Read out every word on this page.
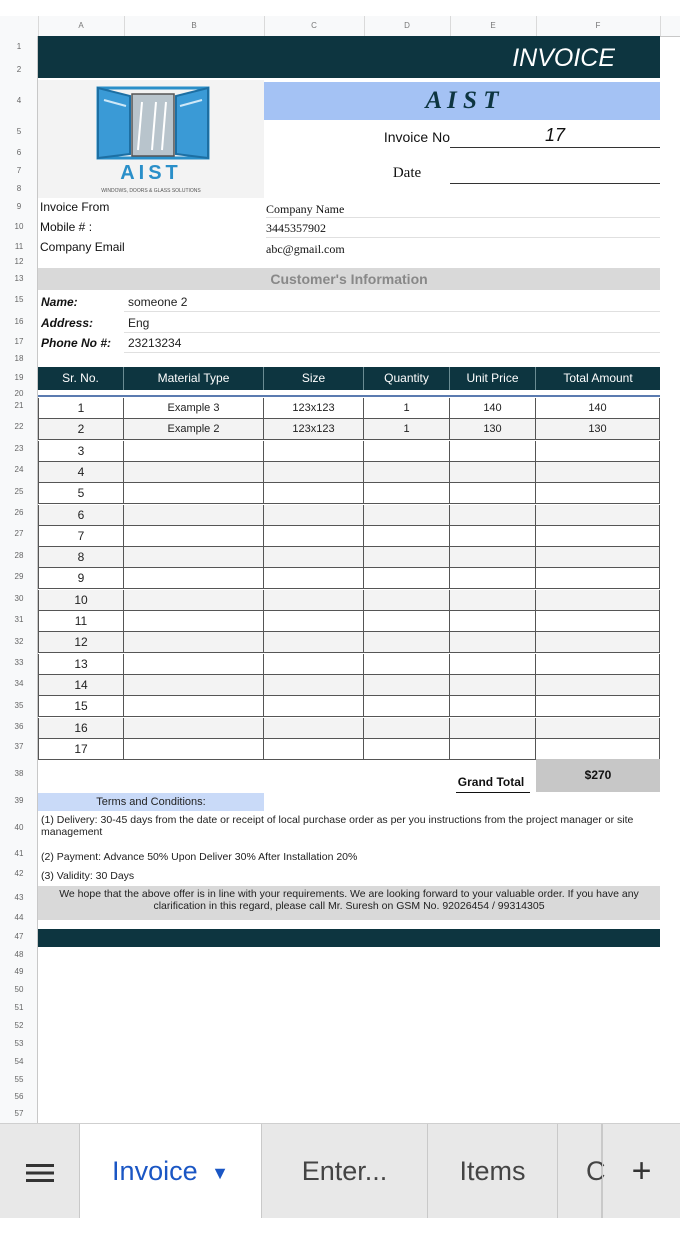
A	B	C	D	E	F
1
2
4
5
6
7
8
9
10
11
12
13
15
16
17
18
19
20
21
22
23
24
25
26
27
28
29
30
31
32
33
34
35
36
37
38
39
40
41
42
43
44
47
48
49
50
51
52
53
54
55
56
57
INVOICE
AIST
WINDOWS, DOORS & GLASS SOLUTIONS
A I S T
Invoice No	17
Date
Invoice From	Company Name
Mobile # :	3445357902
Company Email	abc@gmail.com
Customer's Information
Name:	someone 2
Address:	Eng
Phone No #:	23213234
Sr. No.	Material Type	Size	Quantity	Unit Price	Total Amount
1	Example 3	123x123	1	140	140
2	Example 2	123x123	1	130	130
3
4
5
6
7
8
9
10
11
12
13
14
15
16
17
Grand Total	$270
Terms and Conditions:
(1) Delivery: 30-45 days from the date or receipt of local purchase order as per you instructions from the project manager or site management
(2) Payment: Advance 50% Upon Deliver 30% After Installation 20%
(3) Validity: 30 Days
We hope that the above offer is in line with your requirements. We are looking forward to your valuable order. If you have any clarification in this regard, please call Mr. Suresh on GSM No. 92026454 / 99314305
Invoice ▼	Enter...	Items	C +
